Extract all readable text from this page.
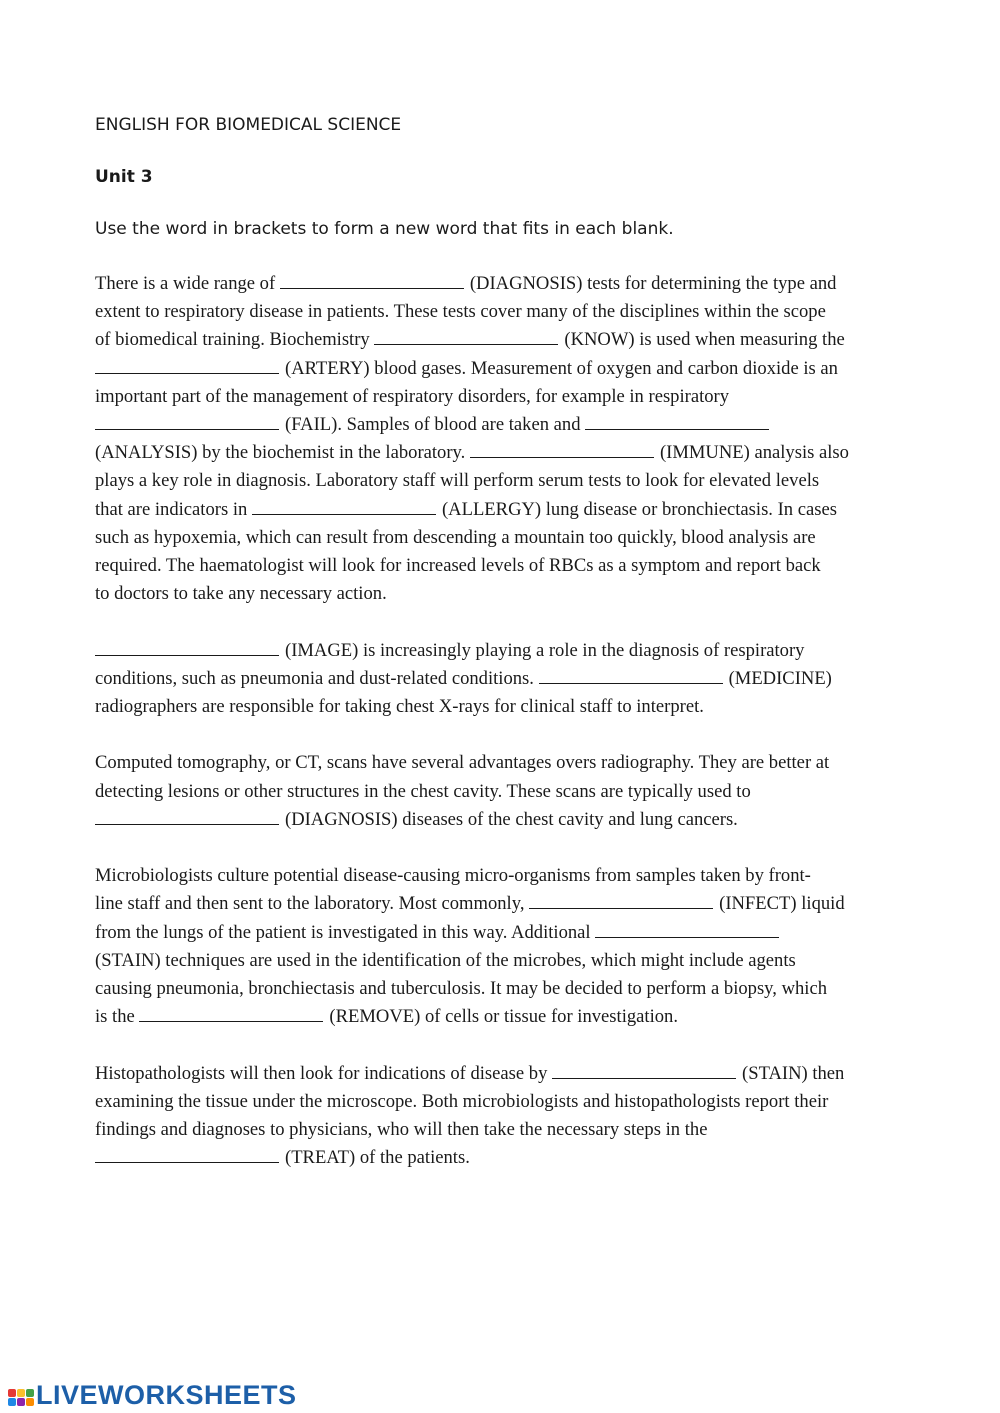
ENGLISH FOR BIOMEDICAL SCIENCE
Unit 3
Use the word in brackets to form a new word that fits in each blank.

There is a wide range of	(DIAGNOSIS) tests for determining the type and
extent to respiratory disease in patients. These tests cover many of the disciplines within the scope
of biomedical training. Biochemistry	(KNOW) is used when measuring the
(ARTERY) blood gases. Measurement of oxygen and carbon dioxide is an
important part of the management of respiratory disorders, for example in respiratory
(FAIL). Samples of blood are taken and
(ANALYSIS) by the biochemist in the laboratory.	(IMMUNE) analysis also
plays a key role in diagnosis. Laboratory staff will perform serum tests to look for elevated levels
that are indicators in	(ALLERGY) lung disease or bronchiectasis. In cases
such as hypoxemia, which can result from descending a mountain too quickly, blood analysis are
required. The haematologist will look for increased levels of RBCs as a symptom and report back
to doctors to take any necessary action.

(IMAGE) is increasingly playing a role in the diagnosis of respiratory
conditions, such as pneumonia and dust-related conditions.	(MEDICINE)
radiographers are responsible for taking chest X-rays for clinical staff to interpret.

Computed tomography, or CT, scans have several advantages overs radiography. They are better at
detecting lesions or other structures in the chest cavity. These scans are typically used to
(DIAGNOSIS) diseases of the chest cavity and lung cancers.

Microbiologists culture potential disease-causing micro-organisms from samples taken by front-
line staff and then sent to the laboratory. Most commonly,	(INFECT) liquid
from the lungs of the patient is investigated in this way. Additional
(STAIN) techniques are used in the identification of the microbes, which might include agents
causing pneumonia, bronchiectasis and tuberculosis. It may be decided to perform a biopsy, which
is the	(REMOVE) of cells or tissue for investigation.

Histopathologists will then look for indications of disease by	(STAIN) then
examining the tissue under the microscope. Both microbiologists and histopathologists report their
findings and diagnoses to physicians, who will then take the necessary steps in the
(TREAT) of the patients.

LIVEWORKSHEETS
